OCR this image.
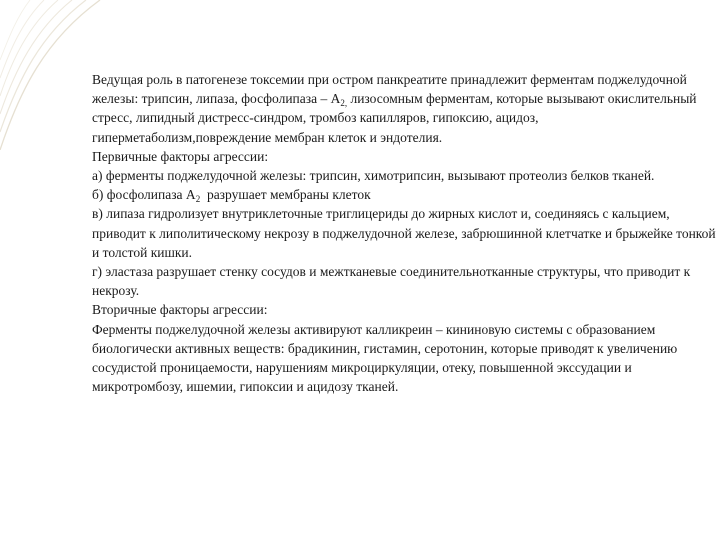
Ведущая роль в патогенезе токсемии при остром панкреатите принадлежит ферментам поджелудочной железы: трипсин, липаза, фосфолипаза – $А_{2,}$ лизосомным ферментам, которые вызывают окислительный стресс, липидный дистресс-синдром, тромбоз капилляров, гипоксию, ацидоз, гиперметаболизм,повреждение мембран клеток и эндотелия.

Первичные факторы агрессии:

а) ферменты поджелудочной железы: трипсин, химотрипсин, вызывают протеолиз белков тканей.

б) фосфолипаза $А_2$  разрушает мембраны клеток

в) липаза гидролизует внутриклеточные триглицериды до жирных кислот и, соединяясь с кальцием, приводит к липолитическому некрозу в поджелудочной железе, забрюшинной клетчатке и брыжейке тонкой и толстой кишки.

г) эластаза разрушает стенку сосудов и межтканевые соединительнотканные структуры, что приводит к некрозу.

Вторичные факторы агрессии:

Ферменты поджелудочной железы активируют калликреин – кининовую системы с образованием биологически активных веществ: брадикинин, гистамин, серотонин, которые приводят к увеличению сосудистой проницаемости, нарушениям микроциркуляции, отеку, повышенной экссудации и микротромбозу, ишемии, гипоксии и ацидозу тканей.
